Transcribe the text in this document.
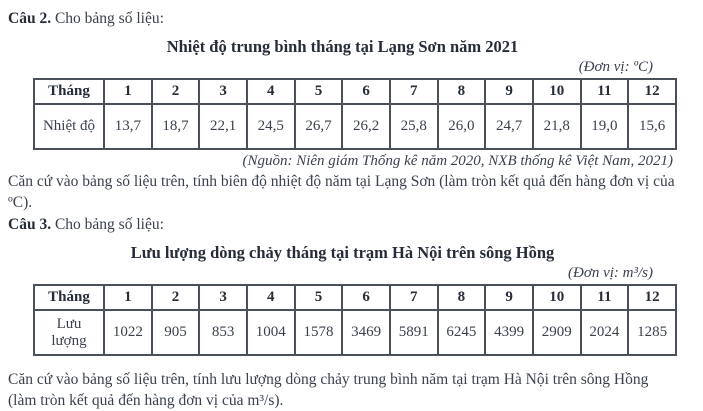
Câu 2. Cho bảng số liệu:

Nhiệt độ trung bình tháng tại Lạng Sơn năm 2021
(Đơn vị: ºC)
Tháng	1	2	3	4	5	6	7	8	9	10	11	12
Nhiệt độ	13,7	18,7	22,1	24,5	26,7	26,2	25,8	26,0	24,7	21,8	19,0	15,6
(Nguồn: Niên giám Thống kê năm 2020, NXB thống kê Việt Nam, 2021)

Căn cứ vào bảng số liệu trên, tính biên độ nhiệt độ năm tại Lạng Sơn (làm tròn kết quả đến hàng đơn vị của ºC).

Câu 3. Cho bảng số liệu:

Lưu lượng dòng chảy tháng tại trạm Hà Nội trên sông Hồng
(Đơn vị: m³/s)
Tháng	1	2	3	4	5	6	7	8	9	10	11	12
Lưu lượng	1022	905	853	1004	1578	3469	5891	6245	4399	2909	2024	1285

Căn cứ vào bảng số liệu trên, tính lưu lượng dòng chảy trung bình năm tại trạm Hà Nội trên sông Hồng (làm tròn kết quả đến hàng đơn vị của m³/s).
